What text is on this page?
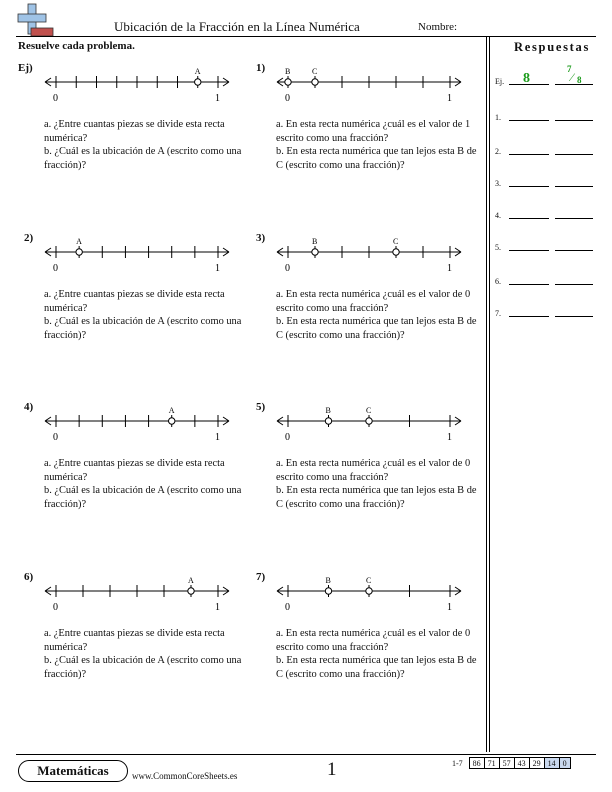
Ubicación de la Fracción en la Línea Numérica	Nombre:
Resuelve cada problema.	Respuestas
Ej. 8
7
⁄ 8
1.
2.
3.
4.
5.
6.
7.
Ej)
0	1
A

a. ¿Entre cuantas piezas se divide esta recta numérica?

b. ¿Cuál es la ubicación de A (escrito como una fracción)?

1)
0	1
B	C

a. En esta recta numérica ¿cuál es el valor de 1 escrito como una fracción?

b. En esta recta numérica que tan lejos esta B de C (escrito como una fracción)?

2)
0	1
A

a. ¿Entre cuantas piezas se divide esta recta numérica?

b. ¿Cuál es la ubicación de A (escrito como una fracción)?

3)
0	1
B	C

a. En esta recta numérica ¿cuál es el valor de 0 escrito como una fracción?

b. En esta recta numérica que tan lejos esta B de C (escrito como una fracción)?

4)
0	1
A

a. ¿Entre cuantas piezas se divide esta recta numérica?

b. ¿Cuál es la ubicación de A (escrito como una fracción)?

5)
0	1
B	C

a. En esta recta numérica ¿cuál es el valor de 0 escrito como una fracción?

b. En esta recta numérica que tan lejos esta B de C (escrito como una fracción)?

6)
0	1
A

a. ¿Entre cuantas piezas se divide esta recta numérica?

b. ¿Cuál es la ubicación de A (escrito como una fracción)?

7)
0	1
B	C

a. En esta recta numérica ¿cuál es el valor de 0 escrito como una fracción?

b. En esta recta numérica que tan lejos esta B de C (escrito como una fracción)?

Matemáticas	www.CommonCoreSheets.es	1	1-7	86	71	57	43	29	14	0
